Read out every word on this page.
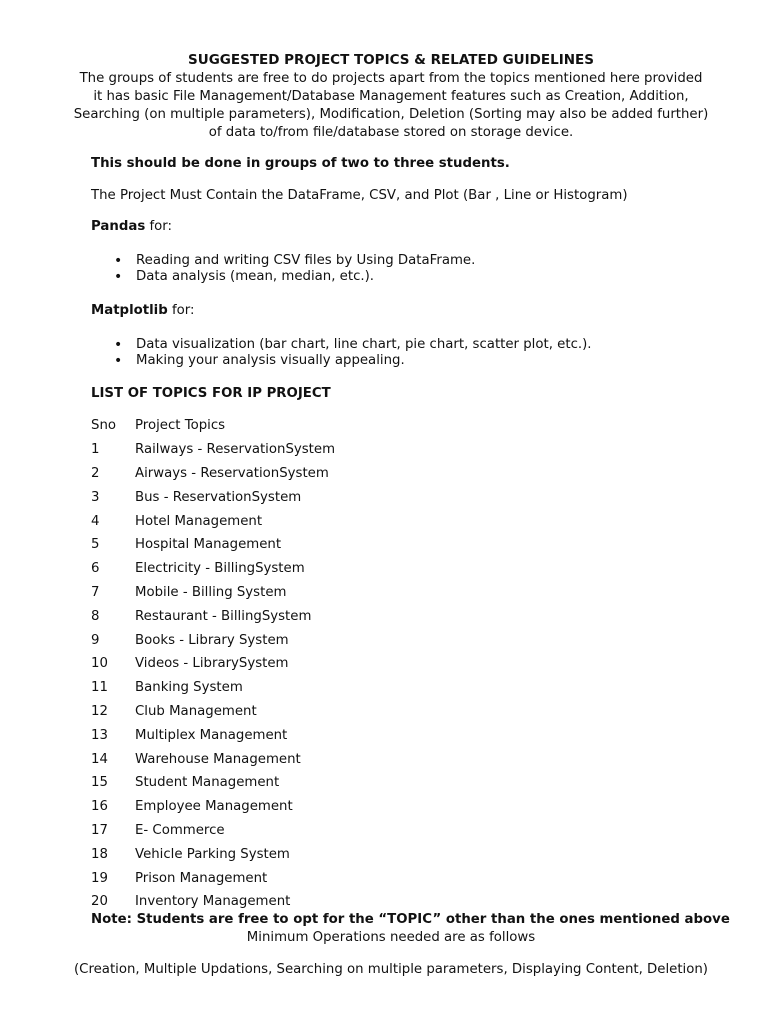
SUGGESTED PROJECT TOPICS & RELATED GUIDELINES
The groups of students are free to do projects apart from the topics mentioned here provided
it has basic File Management/Database Management features such as Creation, Addition,
Searching (on multiple parameters), Modification, Deletion (Sorting may also be added further)
of data to/from file/database stored on storage device.
This should be done in groups of two to three students.
The Project Must Contain the DataFrame, CSV, and Plot (Bar , Line or Histogram)
Pandas for:
• Reading and writing CSV files by Using DataFrame.
• Data analysis (mean, median, etc.).
Matplotlib for:
• Data visualization (bar chart, line chart, pie chart, scatter plot, etc.).
• Making your analysis visually appealing.
LIST OF TOPICS FOR IP PROJECT
Sno	Project Topics
1	Railways - ReservationSystem
2	Airways - ReservationSystem
3	Bus - ReservationSystem
4	Hotel Management
5	Hospital Management
6	Electricity - BillingSystem
7	Mobile - Billing System
8	Restaurant - BillingSystem
9	Books - Library System
10	Videos - LibrarySystem
11	Banking System
12	Club Management
13	Multiplex Management
14	Warehouse Management
15	Student Management
16	Employee Management
17	E- Commerce
18	Vehicle Parking System
19	Prison Management
20	Inventory Management
Note: Students are free to opt for the “TOPIC” other than the ones mentioned above
Minimum Operations needed are as follows
(Creation, Multiple Updations, Searching on multiple parameters, Displaying Content, Deletion)
